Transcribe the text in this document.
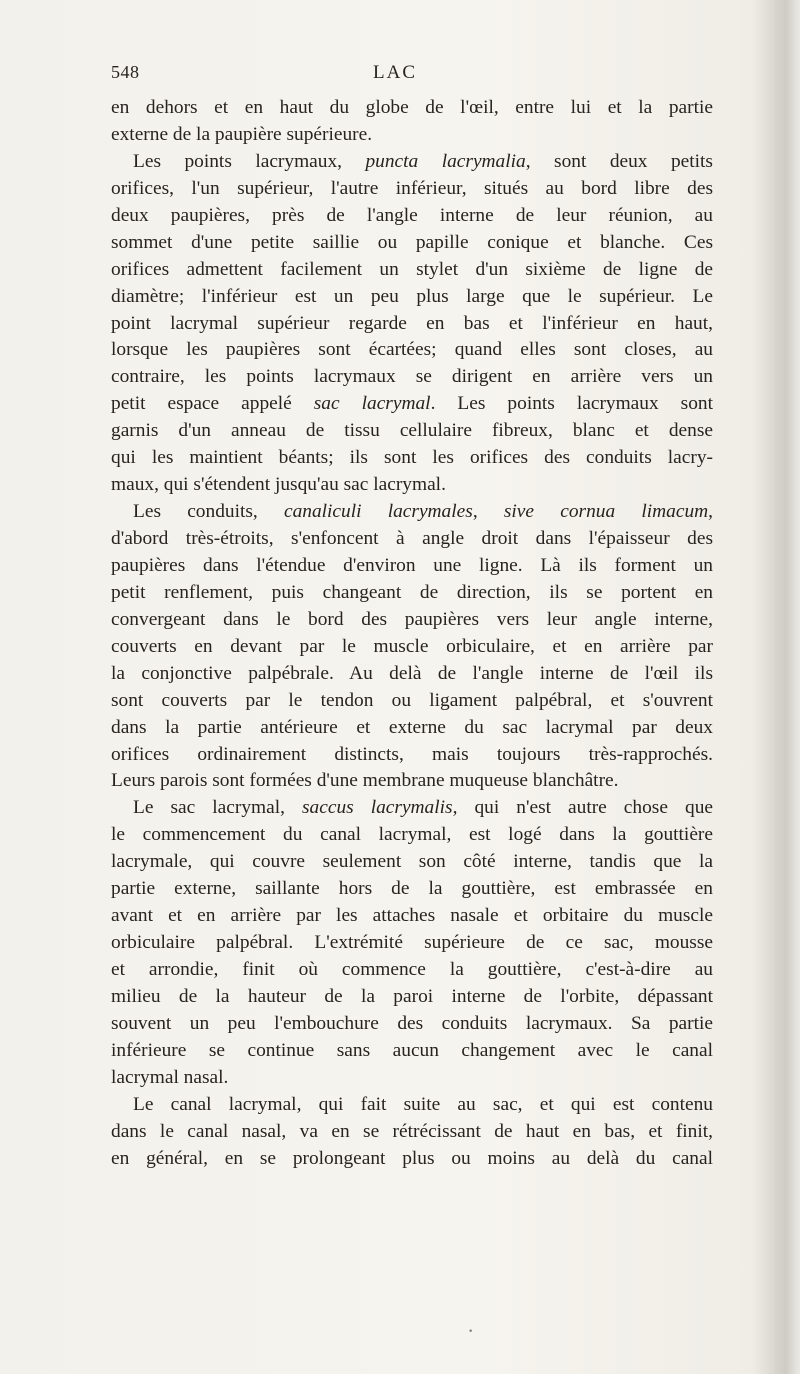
548	LAC
en dehors et en haut du globe de l'œil, entre lui et la partie
externe de la paupière supérieure.
Les points lacrymaux, puncta lacrymalia, sont deux petits
orifices, l'un supérieur, l'autre inférieur, situés au bord libre des
deux paupières, près de l'angle interne de leur réunion, au
sommet d'une petite saillie ou papille conique et blanche. Ces
orifices admettent facilement un stylet d'un sixième de ligne de
diamètre; l'inférieur est un peu plus large que le supérieur. Le
point lacrymal supérieur regarde en bas et l'inférieur en haut,
lorsque les paupières sont écartées; quand elles sont closes, au
contraire, les points lacrymaux se dirigent en arrière vers un
petit espace appelé sac lacrymal. Les points lacrymaux sont
garnis d'un anneau de tissu cellulaire fibreux, blanc et dense
qui les maintient béants; ils sont les orifices des conduits lacry-
maux, qui s'étendent jusqu'au sac lacrymal.
Les conduits, canaliculi lacrymales, sive cornua limacum,
d'abord très-étroits, s'enfoncent à angle droit dans l'épaisseur des
paupières dans l'étendue d'environ une ligne. Là ils forment un
petit renflement, puis changeant de direction, ils se portent en
convergeant dans le bord des paupières vers leur angle interne,
couverts en devant par le muscle orbiculaire, et en arrière par
la conjonctive palpébrale. Au delà de l'angle interne de l'œil ils
sont couverts par le tendon ou ligament palpébral, et s'ouvrent
dans la partie antérieure et externe du sac lacrymal par deux
orifices ordinairement distincts, mais toujours très-rapprochés.
Leurs parois sont formées d'une membrane muqueuse blanchâtre.
Le sac lacrymal, saccus lacrymalis, qui n'est autre chose que
le commencement du canal lacrymal, est logé dans la gouttière
lacrymale, qui couvre seulement son côté interne, tandis que la
partie externe, saillante hors de la gouttière, est embrassée en
avant et en arrière par les attaches nasale et orbitaire du muscle
orbiculaire palpébral. L'extrémité supérieure de ce sac, mousse
et arrondie, finit où commence la gouttière, c'est-à-dire au
milieu de la hauteur de la paroi interne de l'orbite, dépassant
souvent un peu l'embouchure des conduits lacrymaux. Sa partie
inférieure se continue sans aucun changement avec le canal
lacrymal nasal.
Le canal lacrymal, qui fait suite au sac, et qui est contenu
dans le canal nasal, va en se rétrécissant de haut en bas, et finit,
en général, en se prolongeant plus ou moins au delà du canal
·
